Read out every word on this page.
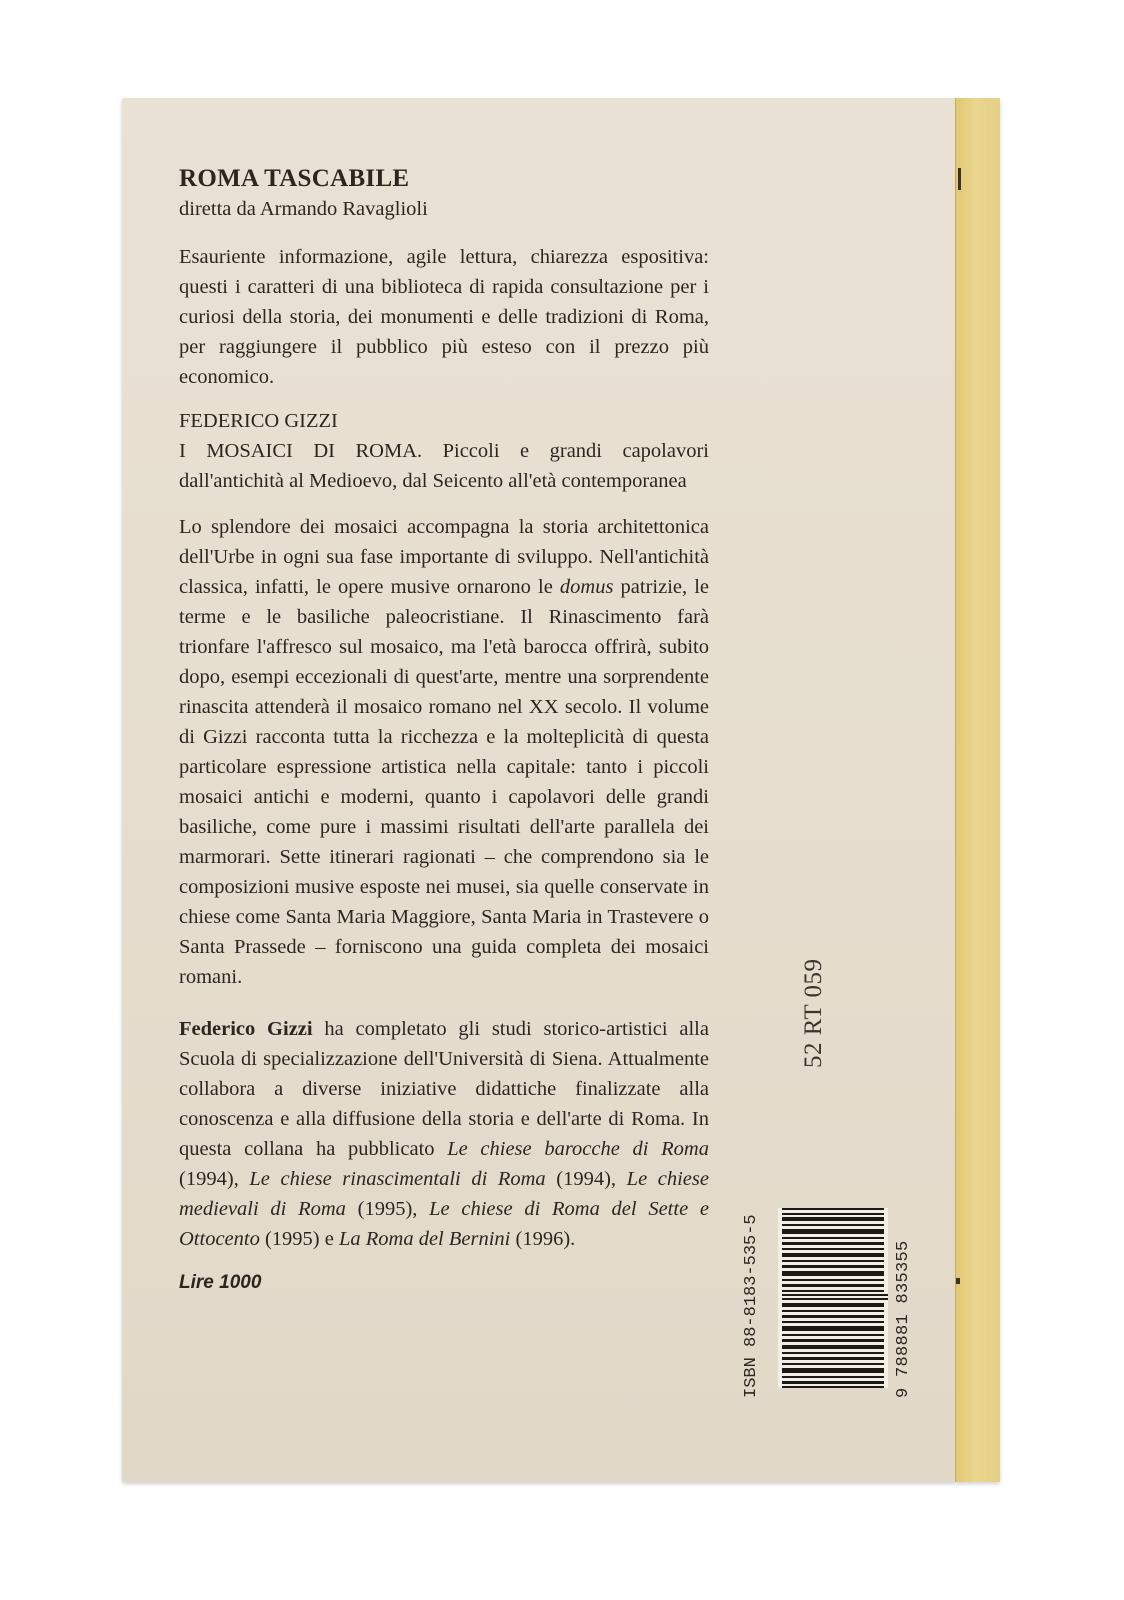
ROMA TASCABILE

diretta da Armando Ravaglioli

Esauriente informazione, agile lettura, chiarezza espositiva: questi i caratteri di una biblioteca di rapida consultazione per i curiosi della storia, dei monumenti e delle tradizioni di Roma, per raggiungere il pubblico più esteso con il prezzo più economico.

FEDERICO GIZZI
I MOSAICI DI ROMA. Piccoli e grandi capolavori dall'antichità al Medioevo, dal Seicento all'età contemporanea

Lo splendore dei mosaici accompagna la storia architettonica dell'Urbe in ogni sua fase importante di sviluppo. Nell'antichità classica, infatti, le opere musive ornarono le domus patrizie, le terme e le basiliche paleocristiane. Il Rinascimento farà trionfare l'affresco sul mosaico, ma l'età barocca offrirà, subito dopo, esempi eccezionali di quest'arte, mentre una sorprendente rinascita attenderà il mosaico romano nel XX secolo. Il volume di Gizzi racconta tutta la ricchezza e la molteplicità di questa particolare espressione artistica nella capitale: tanto i piccoli mosaici antichi e moderni, quanto i capolavori delle grandi basiliche, come pure i massimi risultati dell'arte parallela dei marmorari. Sette itinerari ragionati – che comprendono sia le composizioni musive esposte nei musei, sia quelle conservate in chiese come Santa Maria Maggiore, Santa Maria in Trastevere o Santa Prassede – forniscono una guida completa dei mosaici romani.

Federico Gizzi ha completato gli studi storico-artistici alla Scuola di specializzazione dell'Università di Siena. Attualmente collabora a diverse iniziative didattiche finalizzate alla conoscenza e alla diffusione della storia e dell'arte di Roma. In questa collana ha pubblicato Le chiese barocche di Roma (1994), Le chiese rinascimentali di Roma (1994), Le chiese medievali di Roma (1995), Le chiese di Roma del Sette e Ottocento (1995) e La Roma del Bernini (1996).

Lire 1000
52 RT 059
ISBN 88-8183-535-5	9 788881 835355
